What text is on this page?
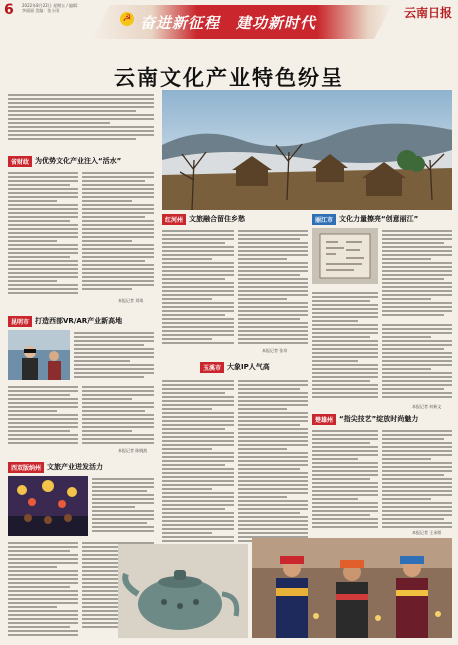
6 2022年8月22日 星期五 / 编辑：李丽丽 美编：张小雨
☭ 奋进新征程　建功新时代
云南日报
云南文化产业特色纷呈
省财政 为优势文化产业注入“活水”
本报记者 刘琦
昆明市 打造西部VR/AR产业新高地
本报记者 陈晓波
西双版纳州 文旅产业迸发活力
红河州 文旅融合留住乡愁
本报记者 张寿
玉溪市 大象IP人气高
丽江市 文化力量擦亮“创意丽江”
本报记者 何新文
楚雄州 “指尖技艺”绽放时尚魅力
本报记者 王承朋
